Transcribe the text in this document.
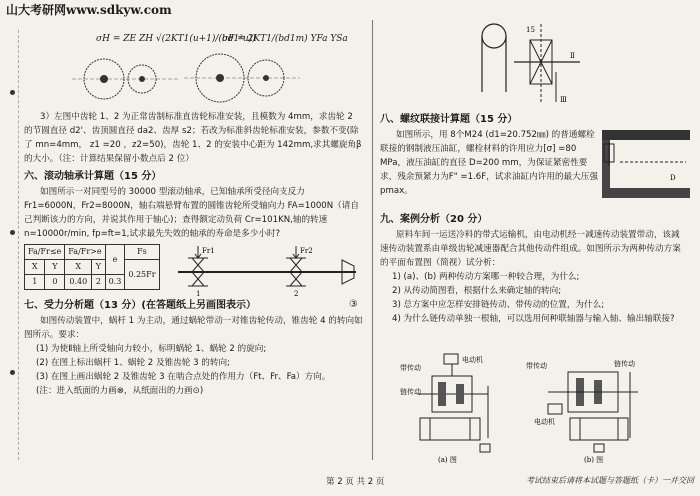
山大考研网www.sdkyw.com
σH = ZE ZH √(2KT1(u+1)/(bd1²u))
σF = 2KT1/(bd1m) YFa YSa

3）左图中齿轮 1、2 为正常齿制标准直齿轮标准安装，且模数为 4mm，求齿轮 2 的节圆直径 d2'、齿顶圆直径 da2、齿厚 s2；若改为标准斜齿轮标准安装，参数不变(除了 mn=4mm， z1 =20 ，z2=50)，齿轮 1、2 的安装中心距为 142mm,求其螺旋角β的大小。（注：计算结果保留小数点后 2 位）

六、滚动轴承计算题（15 分）

如图所示一对同型号的 30000 型滚动轴承，已知轴承所受径向支反力 Fr1=6000N，Fr2=8000N，轴右端悬臂布置的圆锥齿轮所受轴向力 FA=1000N（请自己判断该力的方向，并说其作用于轴心)；查得额定动负荷 Cr=101KN,轴的转速 n=10000r/min, fp=ft=1,试求最先失效的轴承的寿命是多少小时?

Fa/Fr≤e		Fa/Fr>e		e	Fs
X	Y	X	Y		0.25Fr
1	0	0.40	2	0.3	
Fr1	Fr2
1	2

七、受力分析题（13 分）(在答题纸上另画图表示）	③

如图传动装置中，蜗杆 1 为主动，通过蜗轮带动一对锥齿轮传动，锥齿轮 4 的转向如图所示。要求：

(1) 为使Ⅱ轴上所受轴向力较小，标明蜗轮 1、蜗轮 2 的旋向;

(2) 在图上标出蜗杆 1、蜗轮 2 及锥齿轮 3 的转向;

(3) 在图上画出蜗轮 2 及锥齿轮 3 在啮合点处的作用力（Ft、Fr、Fa）方向。

(注：进入纸面的力画⊗，从纸面出的力画⊙)

15
Ⅱ
Ⅲ

八、螺纹联接计算题（15 分）

如图所示，用 8个M24 (d1=20.752㎜) 的普通螺栓联接的钢制液压油缸，螺栓材料的许用应力[σ] =80 MPa，液压油缸的直径 D=200 mm，为保证紧密性要求，残余预紧力为F" =1.6F，试求油缸内许用的最大压强pmax。

D

九、案例分析（20 分）

原料车间一运送冷料的带式运输机，由电动机经一减速传动装置带动，该减速传动装置系由单级齿轮减速器配合其他传动件组成。如图所示为两种传动方案的平面布置图（简视）试分析：

1) (a)、(b) 两种传动方案哪一种较合理，为什么;

2) 从传动简图看，根据什么来确定轴的转向;

3) 总方案中应怎样安排链传动、带传动的位置，为什么;

4) 为什么链传动单独一根轴，可以选用何种联轴器与输入轴、输出轴联接?

电动机
带传动
链传动
(a) 图
带传动	链传动
电动机
(b) 图
第 2 页 共 2 页	考试结束后请将本试题与答题纸（卡）一并交回
